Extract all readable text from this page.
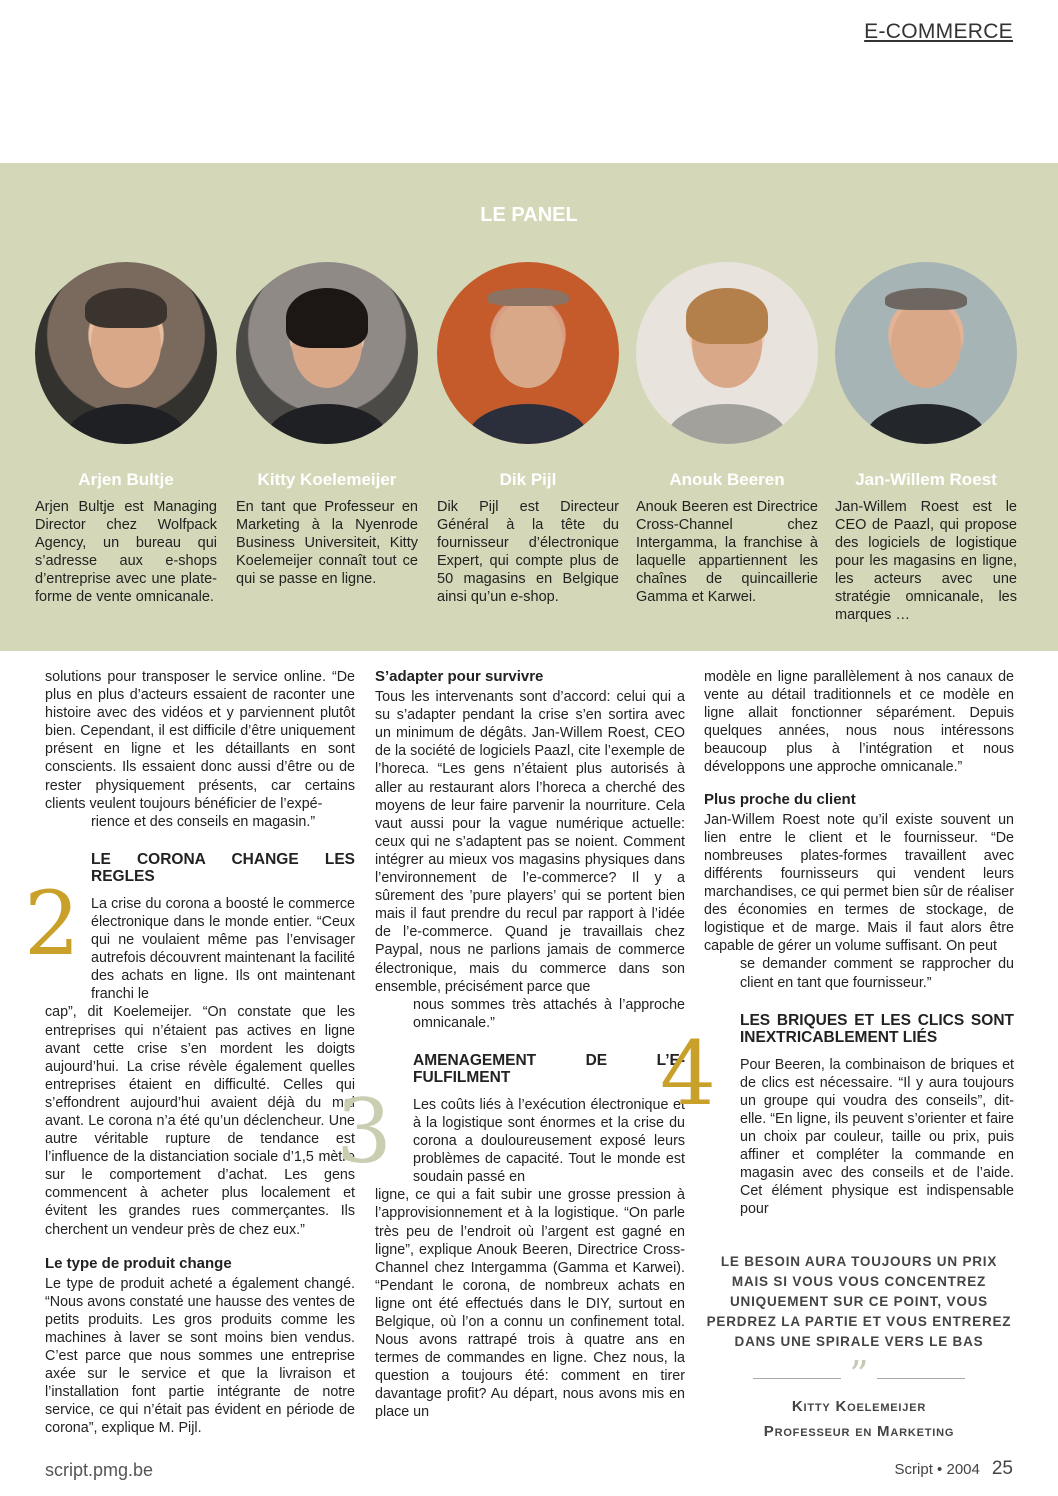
E-COMMERCE
LE PANEL
Arjen Bultje
Arjen Bultje est Managing Director chez Wolfpack Agency, un bureau qui s’adresse aux e-shops d’entreprise avec une plate-forme de vente omnicanale.
Kitty Koelemeijer
En tant que Professeur en Marketing à la Nyenrode Business Universiteit, Kitty Koelemeijer connaît tout ce qui se passe en ligne.
Dik Pijl
Dik Pijl est Directeur Général à la tête du fournisseur d’électronique Expert, qui compte plus de 50 magasins en Belgique ainsi qu’un e-shop.
Anouk Beeren
Anouk Beeren est Directrice Cross-Channel chez Intergamma, la franchise à laquelle appartiennent les chaînes de quincaillerie Gamma et Karwei.
Jan-Willem Roest
Jan-Willem Roest est le CEO de Paazl, qui propose des logiciels de logistique pour les magasins en ligne, les acteurs avec une stratégie omnicanale, les marques …

solutions pour transposer le service online. “De plus en plus d’acteurs essaient de raconter une histoire avec des vidéos et y parviennent plutôt bien. Cependant, il est difficile d’être uniquement présent en ligne et les détaillants en sont conscients. Ils essaient donc aussi d’être ou de rester physiquement présents, car certains clients veulent toujours bénéficier de l’expé-

rience et des conseils en magasin.”

LE CORONA CHANGE LES REGLES

La crise du corona a boosté le commerce électronique dans le monde entier. “Ceux qui ne voulaient même pas l’envisager autrefois découvrent maintenant la facilité des achats en ligne. Ils ont maintenant franchi le

cap”, dit Koelemeijer. “On constate que les entreprises qui n’étaient pas actives en ligne avant cette crise s’en mordent les doigts aujourd’hui. La crise révèle également quelles entreprises étaient en difficulté. Celles qui s’effondrent aujourd’hui avaient déjà du mal avant. Le corona n’a été qu’un déclencheur. Une autre véritable rupture de tendance est l’influence de la distanciation sociale d’1,5 mètre sur le comportement d’achat. Les gens commencent à acheter plus localement et évitent les grandes rues commerçantes. Ils cherchent un vendeur près de chez eux.”

Le type de produit change

Le type de produit acheté a également changé. “Nous avons constaté une hausse des ventes de petits produits. Les gros produits comme les machines à laver se sont moins bien vendus. C’est parce que nous sommes une entreprise axée sur le service et que la livraison et l’installation font partie intégrante de notre service, ce qui n’était pas évident en période de corona”, explique M. Pijl.

2
S’adapter pour survivre

Tous les intervenants sont d’accord: celui qui a su s’adapter pendant la crise s’en sortira avec un minimum de dégâts. Jan-Willem Roest, CEO de la société de logiciels Paazl, cite l’exemple de l’horeca. “Les gens n’étaient plus autorisés à aller au restaurant alors l’horeca a cherché des moyens de leur faire parvenir la nourriture. Cela vaut aussi pour la vague numérique actuelle: ceux qui ne s’adaptent pas se noient. Comment intégrer au mieux vos magasins physiques dans l’environnement de l’e-commerce? Il y a sûrement des ’pure players’ qui se portent bien mais il faut prendre du recul par rapport à l’idée de l’e-commerce. Quand je travaillais chez Paypal, nous ne parlions jamais de commerce électronique, mais du commerce dans son ensemble, précisément parce que

nous sommes très attachés à l’approche omnicanale.”

AMENAGEMENT DE L’E-FULFILMENT

Les coûts liés à l’exécution électronique et à la logistique sont énormes et la crise du corona a douloureusement exposé leurs problèmes de capacité. Tout le monde est soudain passé en

ligne, ce qui a fait subir une grosse pression à l’approvisionnement et à la logistique. “On parle très peu de l’endroit où l’argent est gagné en ligne”, explique Anouk Beeren, Directrice Cross-Channel chez Intergamma (Gamma et Karwei). “Pendant le corona, de nombreux achats en ligne ont été effectués dans le DIY, surtout en Belgique, où l’on a connu un confinement total. Nous avons rattrapé trois à quatre ans en termes de commandes en ligne. Chez nous, la question a toujours été: comment en tirer davantage profit? Au départ, nous avons mis en place un

3

modèle en ligne parallèlement à nos canaux de vente au détail traditionnels et ce modèle en ligne allait fonctionner séparément. Depuis quelques années, nous nous intéressons beaucoup plus à l’intégration et nous développons une approche omnicanale.”

Plus proche du client

Jan-Willem Roest note qu’il existe souvent un lien entre le client et le fournisseur. “De nombreuses plates-formes travaillent avec différents fournisseurs qui vendent leurs marchandises, ce qui permet bien sûr de réaliser des économies en termes de stockage, de logistique et de marge. Mais il faut alors être capable de gérer un volume suffisant. On peut

se demander comment se rapprocher du client en tant que fournisseur.”

LES BRIQUES ET LES CLICS SONT INEXTRICABLEMENT LIÉS

Pour Beeren, la combinaison de briques et de clics est nécessaire. “Il y aura toujours un groupe qui voudra des conseils”, dit-elle. “En ligne, ils peuvent s’orienter et faire un choix par couleur, taille ou prix, puis affiner et compléter la commande en magasin avec des conseils et de l’aide. Cet élément physique est indispensable pour

4
LE BESOIN AURA TOUJOURS UN PRIX MAIS SI VOUS VOUS CONCENTREZ UNIQUEMENT SUR CE POINT, VOUS PERDREZ LA PARTIE ET VOUS ENTREREZ DANS UNE SPIRALE VERS LE BAS
”
Kitty Koelemeijer
Professeur en Marketing
script.pmg.be	Script • 2004 25
